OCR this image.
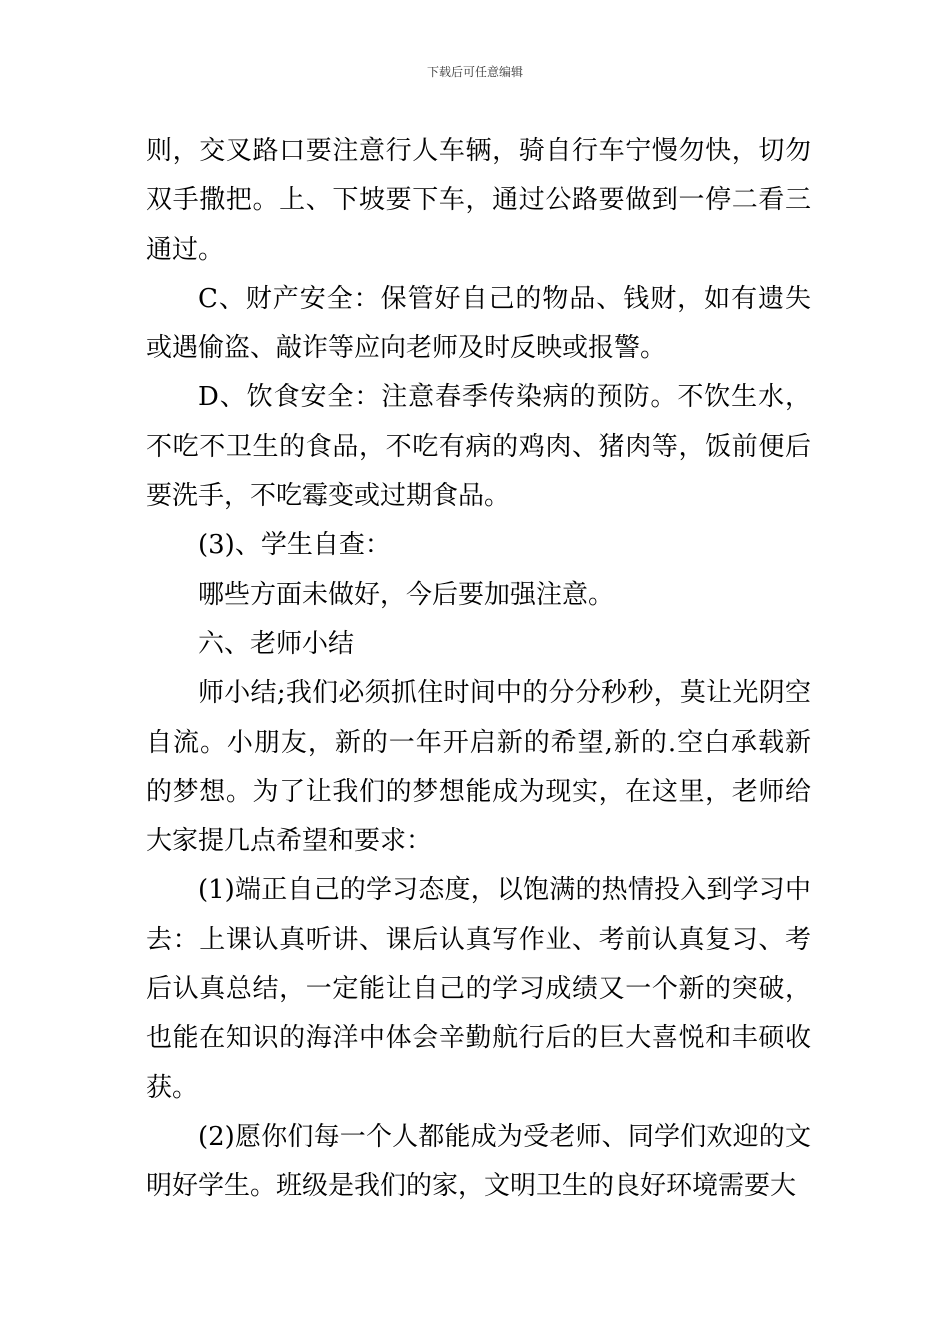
下载后可任意编辑

则，交叉路口要注意行人车辆，骑自行车宁慢勿快，切勿双手撒把。上、下坡要下车，通过公路要做到一停二看三通过。

C、财产安全：保管好自己的物品、钱财，如有遗失或遇偷盗、敲诈等应向老师及时反映或报警。

D、饮食安全：注意春季传染病的预防。不饮生水，不吃不卫生的食品，不吃有病的鸡肉、猪肉等，饭前便后要洗手，不吃霉变或过期食品。

(3)、学生自查：

哪些方面未做好，今后要加强注意。

六、老师小结

师小结;我们必须抓住时间中的分分秒秒，莫让光阴空自流。小朋友，新的一年开启新的希望,新的.空白承载新的梦想。为了让我们的梦想能成为现实，在这里，老师给大家提几点希望和要求：

(1)端正自己的学习态度，以饱满的热情投入到学习中去：上课认真听讲、课后认真写作业、考前认真复习、考后认真总结，一定能让自己的学习成绩又一个新的突破，也能在知识的海洋中体会辛勤航行后的巨大喜悦和丰硕收获。

(2)愿你们每一个人都能成为受老师、同学们欢迎的文明好学生。班级是我们的家，文明卫生的良好环境需要大
